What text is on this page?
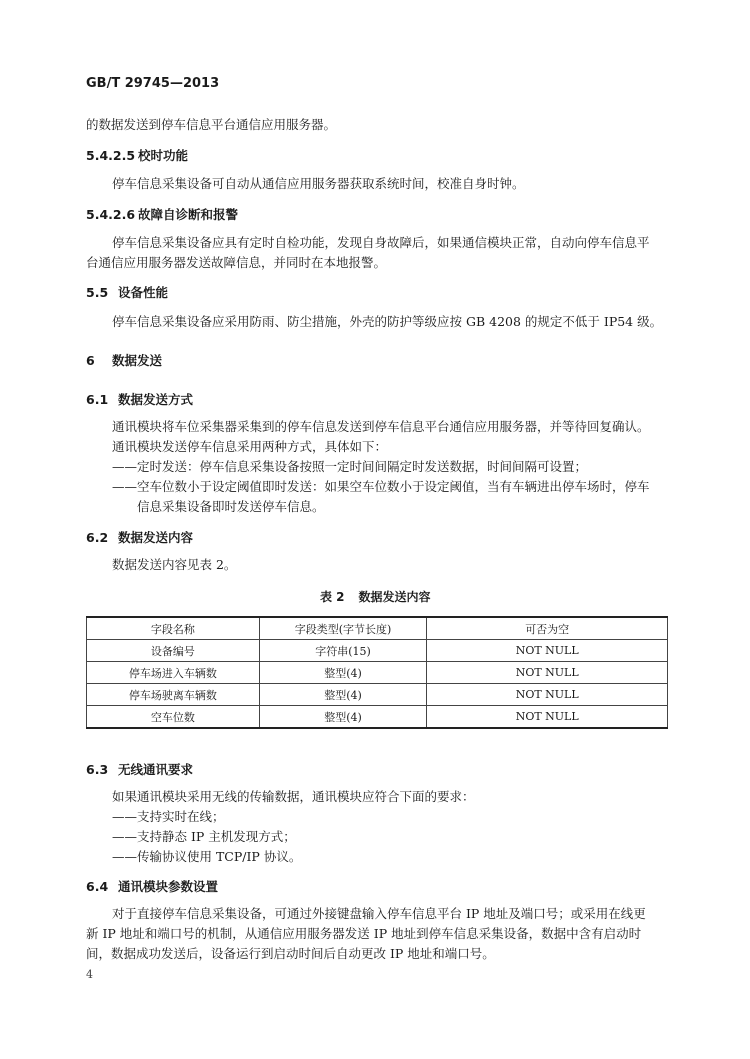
GB/T 29745—2013
的数据发送到停车信息平台通信应用服务器。
5.4.2.5 校时功能
停车信息采集设备可自动从通信应用服务器获取系统时间，校准自身时钟。
5.4.2.6 故障自诊断和报警
停车信息采集设备应具有定时自检功能，发现自身故障后，如果通信模块正常，自动向停车信息平
台通信应用服务器发送故障信息，并同时在本地报警。
5.5 设备性能
停车信息采集设备应采用防雨、防尘措施，外壳的防护等级应按 GB 4208 的规定不低于 IP54 级。
6 数据发送
6.1 数据发送方式
通讯模块将车位采集器采集到的停车信息发送到停车信息平台通信应用服务器，并等待回复确认。
通讯模块发送停车信息采用两种方式，具体如下：
——定时发送：停车信息采集设备按照一定时间间隔定时发送数据，时间间隔可设置；
——空车位数小于设定阈值即时发送：如果空车位数小于设定阈值，当有车辆进出停车场时，停车
信息采集设备即时发送停车信息。
6.2 数据发送内容
数据发送内容见表 2。
表 2 数据发送内容
字段名称	字段类型(字节长度)	可否为空
设备编号	字符串(15)	NOT NULL
停车场进入车辆数	整型(4)	NOT NULL
停车场驶离车辆数	整型(4)	NOT NULL
空车位数	整型(4)	NOT NULL
6.3 无线通讯要求
如果通讯模块采用无线的传输数据，通讯模块应符合下面的要求：
——支持实时在线；
——支持静态 IP 主机发现方式；
——传输协议使用 TCP/IP 协议。
6.4 通讯模块参数设置
对于直接停车信息采集设备，可通过外接键盘输入停车信息平台 IP 地址及端口号；或采用在线更
新 IP 地址和端口号的机制，从通信应用服务器发送 IP 地址到停车信息采集设备，数据中含有启动时
间，数据成功发送后，设备运行到启动时间后自动更改 IP 地址和端口号。
4
